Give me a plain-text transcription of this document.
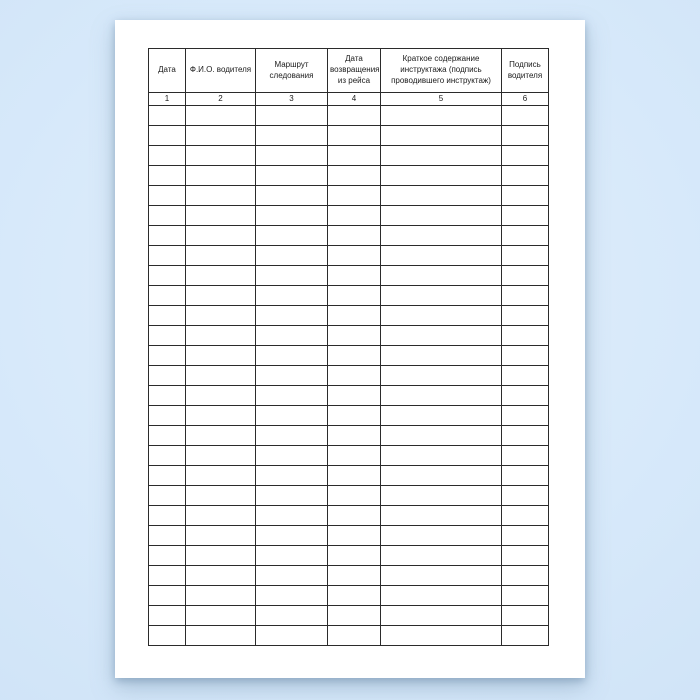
Дата	Ф.И.О. водителя	Маршрут следования	Дата возвращения из рейса	Краткое содержание инструктажа (подпись проводившего инструктаж)	Подпись водителя
1	2	3	4	5	6
